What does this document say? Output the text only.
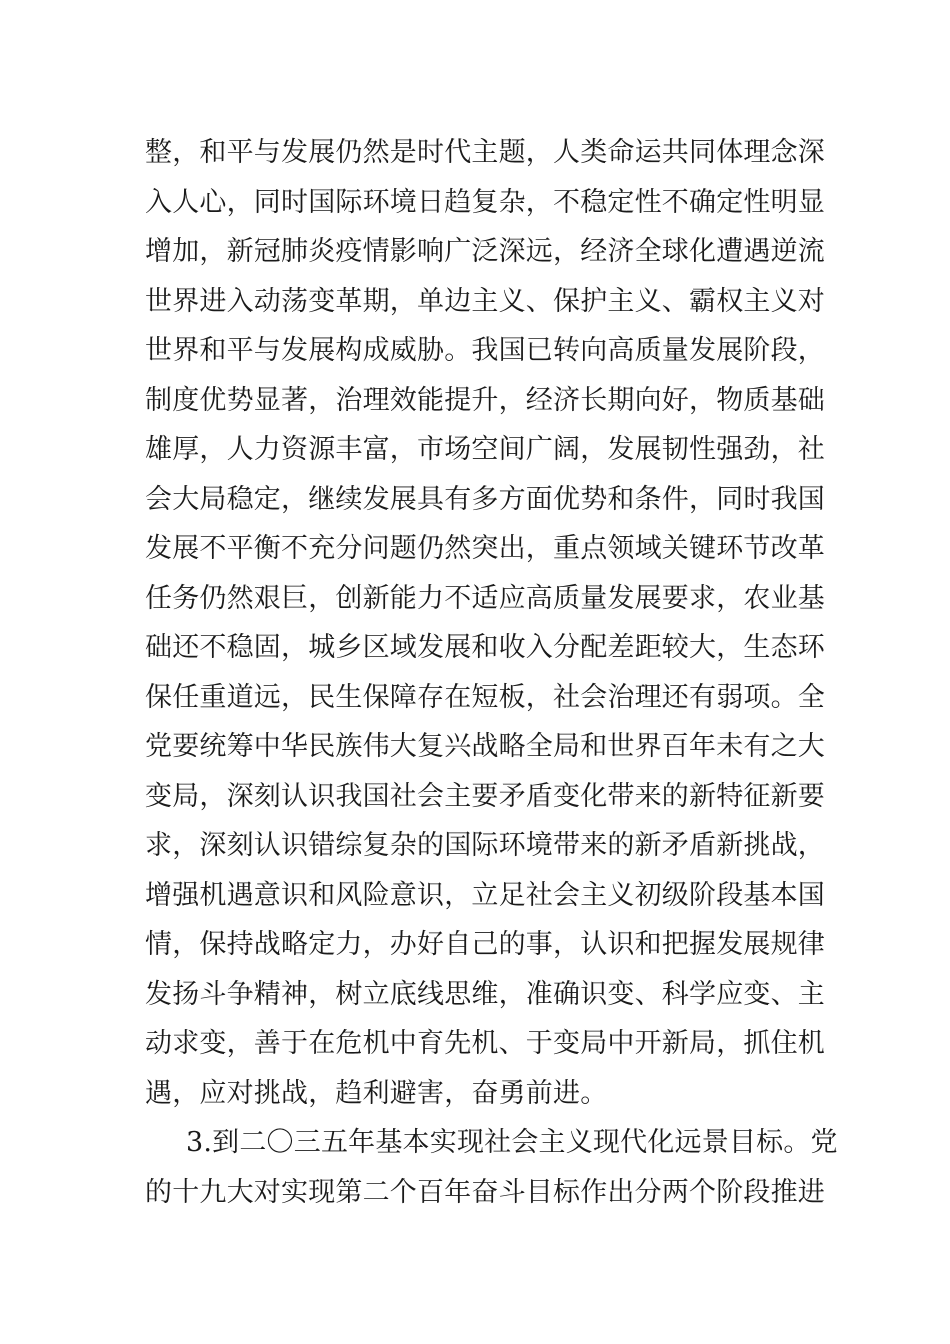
整，和平与发展仍然是时代主题，人类命运共同体理念深
入人心，同时国际环境日趋复杂，不稳定性不确定性明显
增加，新冠肺炎疫情影响广泛深远，经济全球化遭遇逆流
世界进入动荡变革期，单边主义、保护主义、霸权主义对
世界和平与发展构成威胁。我国已转向高质量发展阶段，
制度优势显著，治理效能提升，经济长期向好，物质基础
雄厚，人力资源丰富，市场空间广阔，发展韧性强劲，社
会大局稳定，继续发展具有多方面优势和条件，同时我国
发展不平衡不充分问题仍然突出，重点领域关键环节改革
任务仍然艰巨，创新能力不适应高质量发展要求，农业基
础还不稳固，城乡区域发展和收入分配差距较大，生态环
保任重道远，民生保障存在短板，社会治理还有弱项。全
党要统筹中华民族伟大复兴战略全局和世界百年未有之大
变局，深刻认识我国社会主要矛盾变化带来的新特征新要
求，深刻认识错综复杂的国际环境带来的新矛盾新挑战，
增强机遇意识和风险意识，立足社会主义初级阶段基本国
情，保持战略定力，办好自己的事，认识和把握发展规律
发扬斗争精神，树立底线思维，准确识变、科学应变、主
动求变，善于在危机中育先机、于变局中开新局，抓住机
遇，应对挑战，趋利避害，奋勇前进。
3.到二〇三五年基本实现社会主义现代化远景目标。党
的十九大对实现第二个百年奋斗目标作出分两个阶段推进
